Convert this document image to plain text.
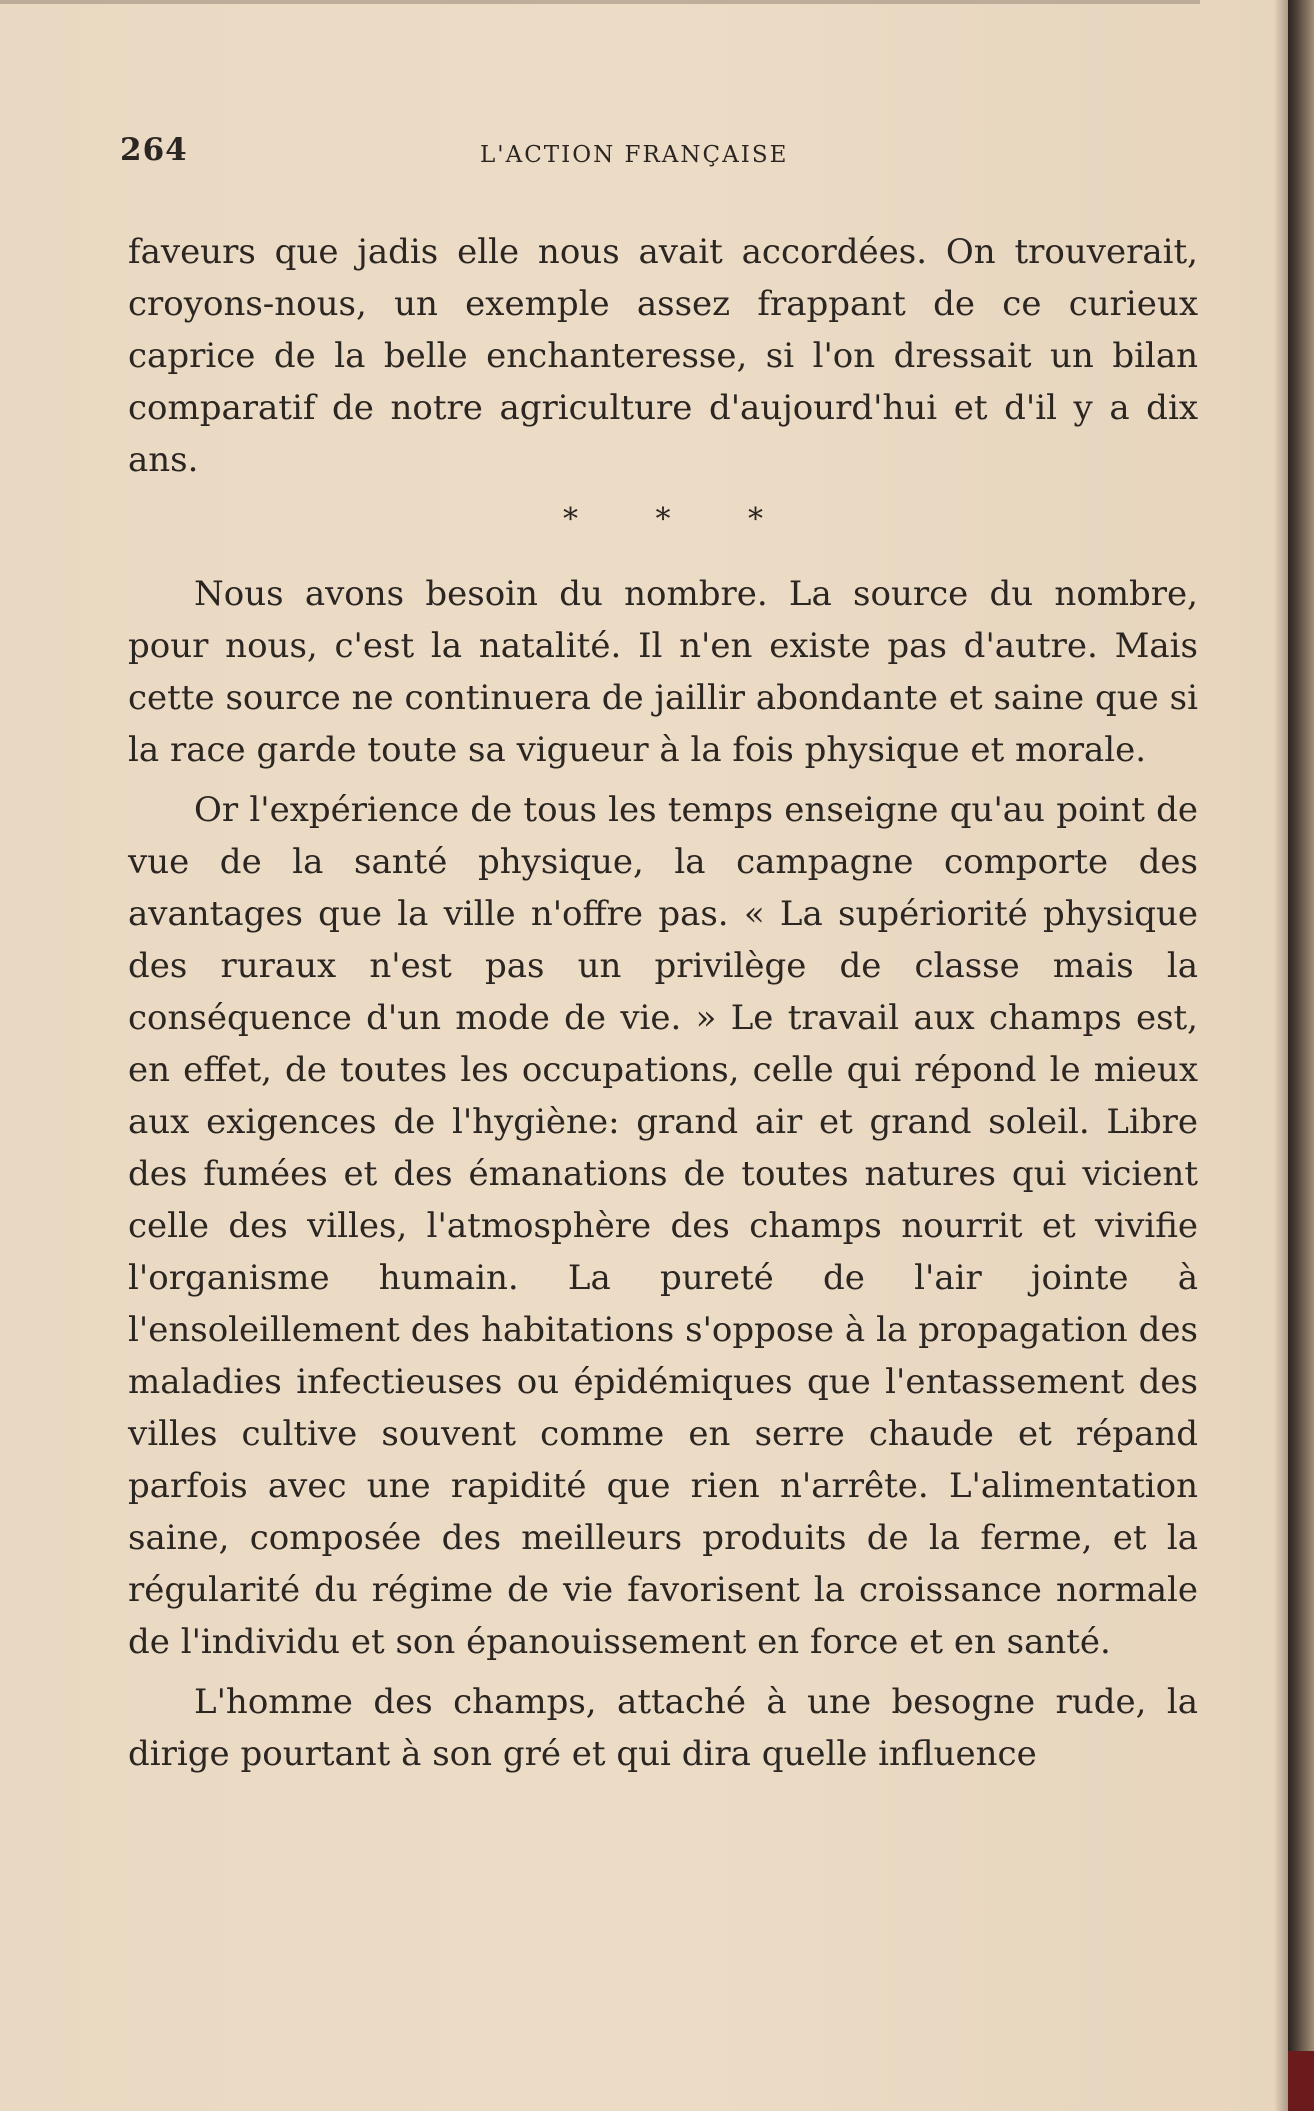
264	L'ACTION FRANÇAISE

faveurs que jadis elle nous avait accordées. On trouverait, croyons-nous, un exemple assez frappant de ce curieux caprice de la belle enchanteresse, si l'on dressait un bilan comparatif de notre agriculture d'aujourd'hui et d'il y a dix ans.

* * *

Nous avons besoin du nombre. La source du nombre, pour nous, c'est la natalité. Il n'en existe pas d'autre. Mais cette source ne continuera de jaillir abondante et saine que si la race garde toute sa vigueur à la fois physique et morale.

Or l'expérience de tous les temps enseigne qu'au point de vue de la santé physique, la campagne comporte des avantages que la ville n'offre pas. « La supériorité physique des ruraux n'est pas un privilège de classe mais la conséquence d'un mode de vie. » Le travail aux champs est, en effet, de toutes les occupations, celle qui répond le mieux aux exigences de l'hygiène: grand air et grand soleil. Libre des fumées et des émanations de toutes natures qui vicient celle des villes, l'atmosphère des champs nourrit et vivifie l'organisme humain. La pureté de l'air jointe à l'ensoleillement des habitations s'oppose à la propagation des maladies infectieuses ou épidémiques que l'entassement des villes cultive souvent comme en serre chaude et répand parfois avec une rapidité que rien n'arrête. L'alimentation saine, composée des meilleurs produits de la ferme, et la régularité du régime de vie favorisent la croissance normale de l'individu et son épanouissement en force et en santé.

L'homme des champs, attaché à une besogne rude, la dirige pourtant à son gré et qui dira quelle influence
